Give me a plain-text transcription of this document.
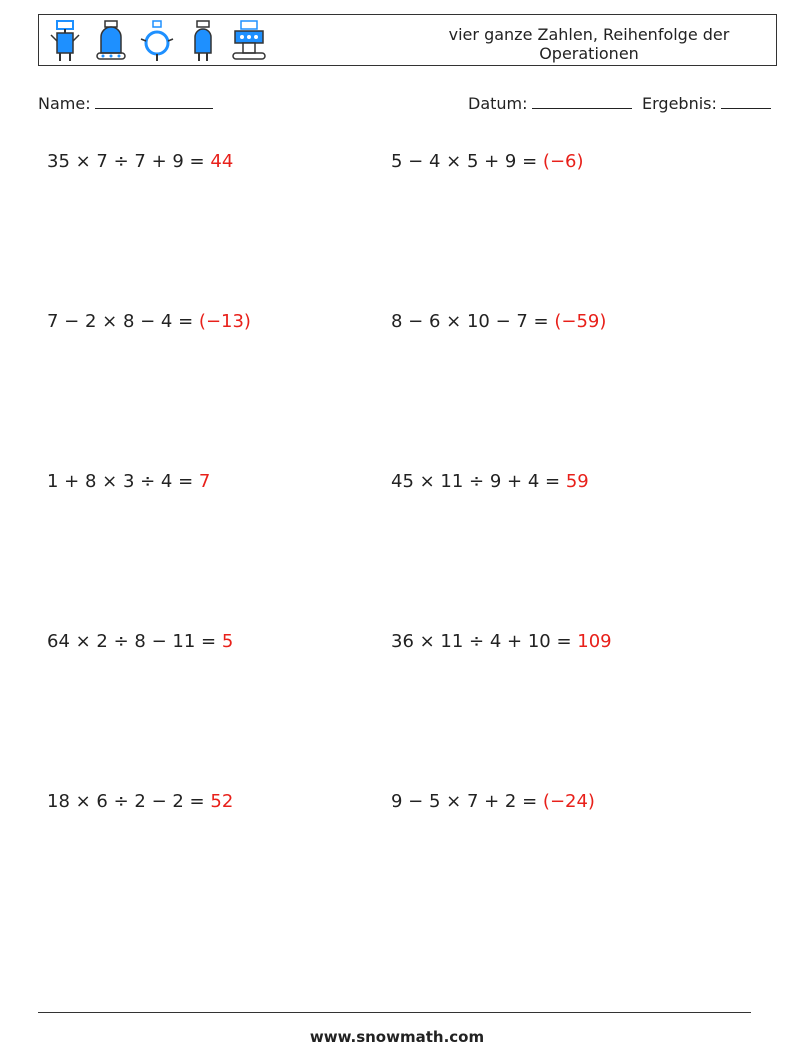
vier ganze Zahlen, Reihenfolge der Operationen
Name:	Datum:	Ergebnis:
35 × 7 ÷ 7 + 9 = 44	5 − 4 × 5 + 9 = (−6)
7 − 2 × 8 − 4 = (−13)	8 − 6 × 10 − 7 = (−59)
1 + 8 × 3 ÷ 4 = 7	45 × 11 ÷ 9 + 4 = 59
64 × 2 ÷ 8 − 11 = 5	36 × 11 ÷ 4 + 10 = 109
18 × 6 ÷ 2 − 2 = 52	9 − 5 × 7 + 2 = (−24)
www.snowmath.com
